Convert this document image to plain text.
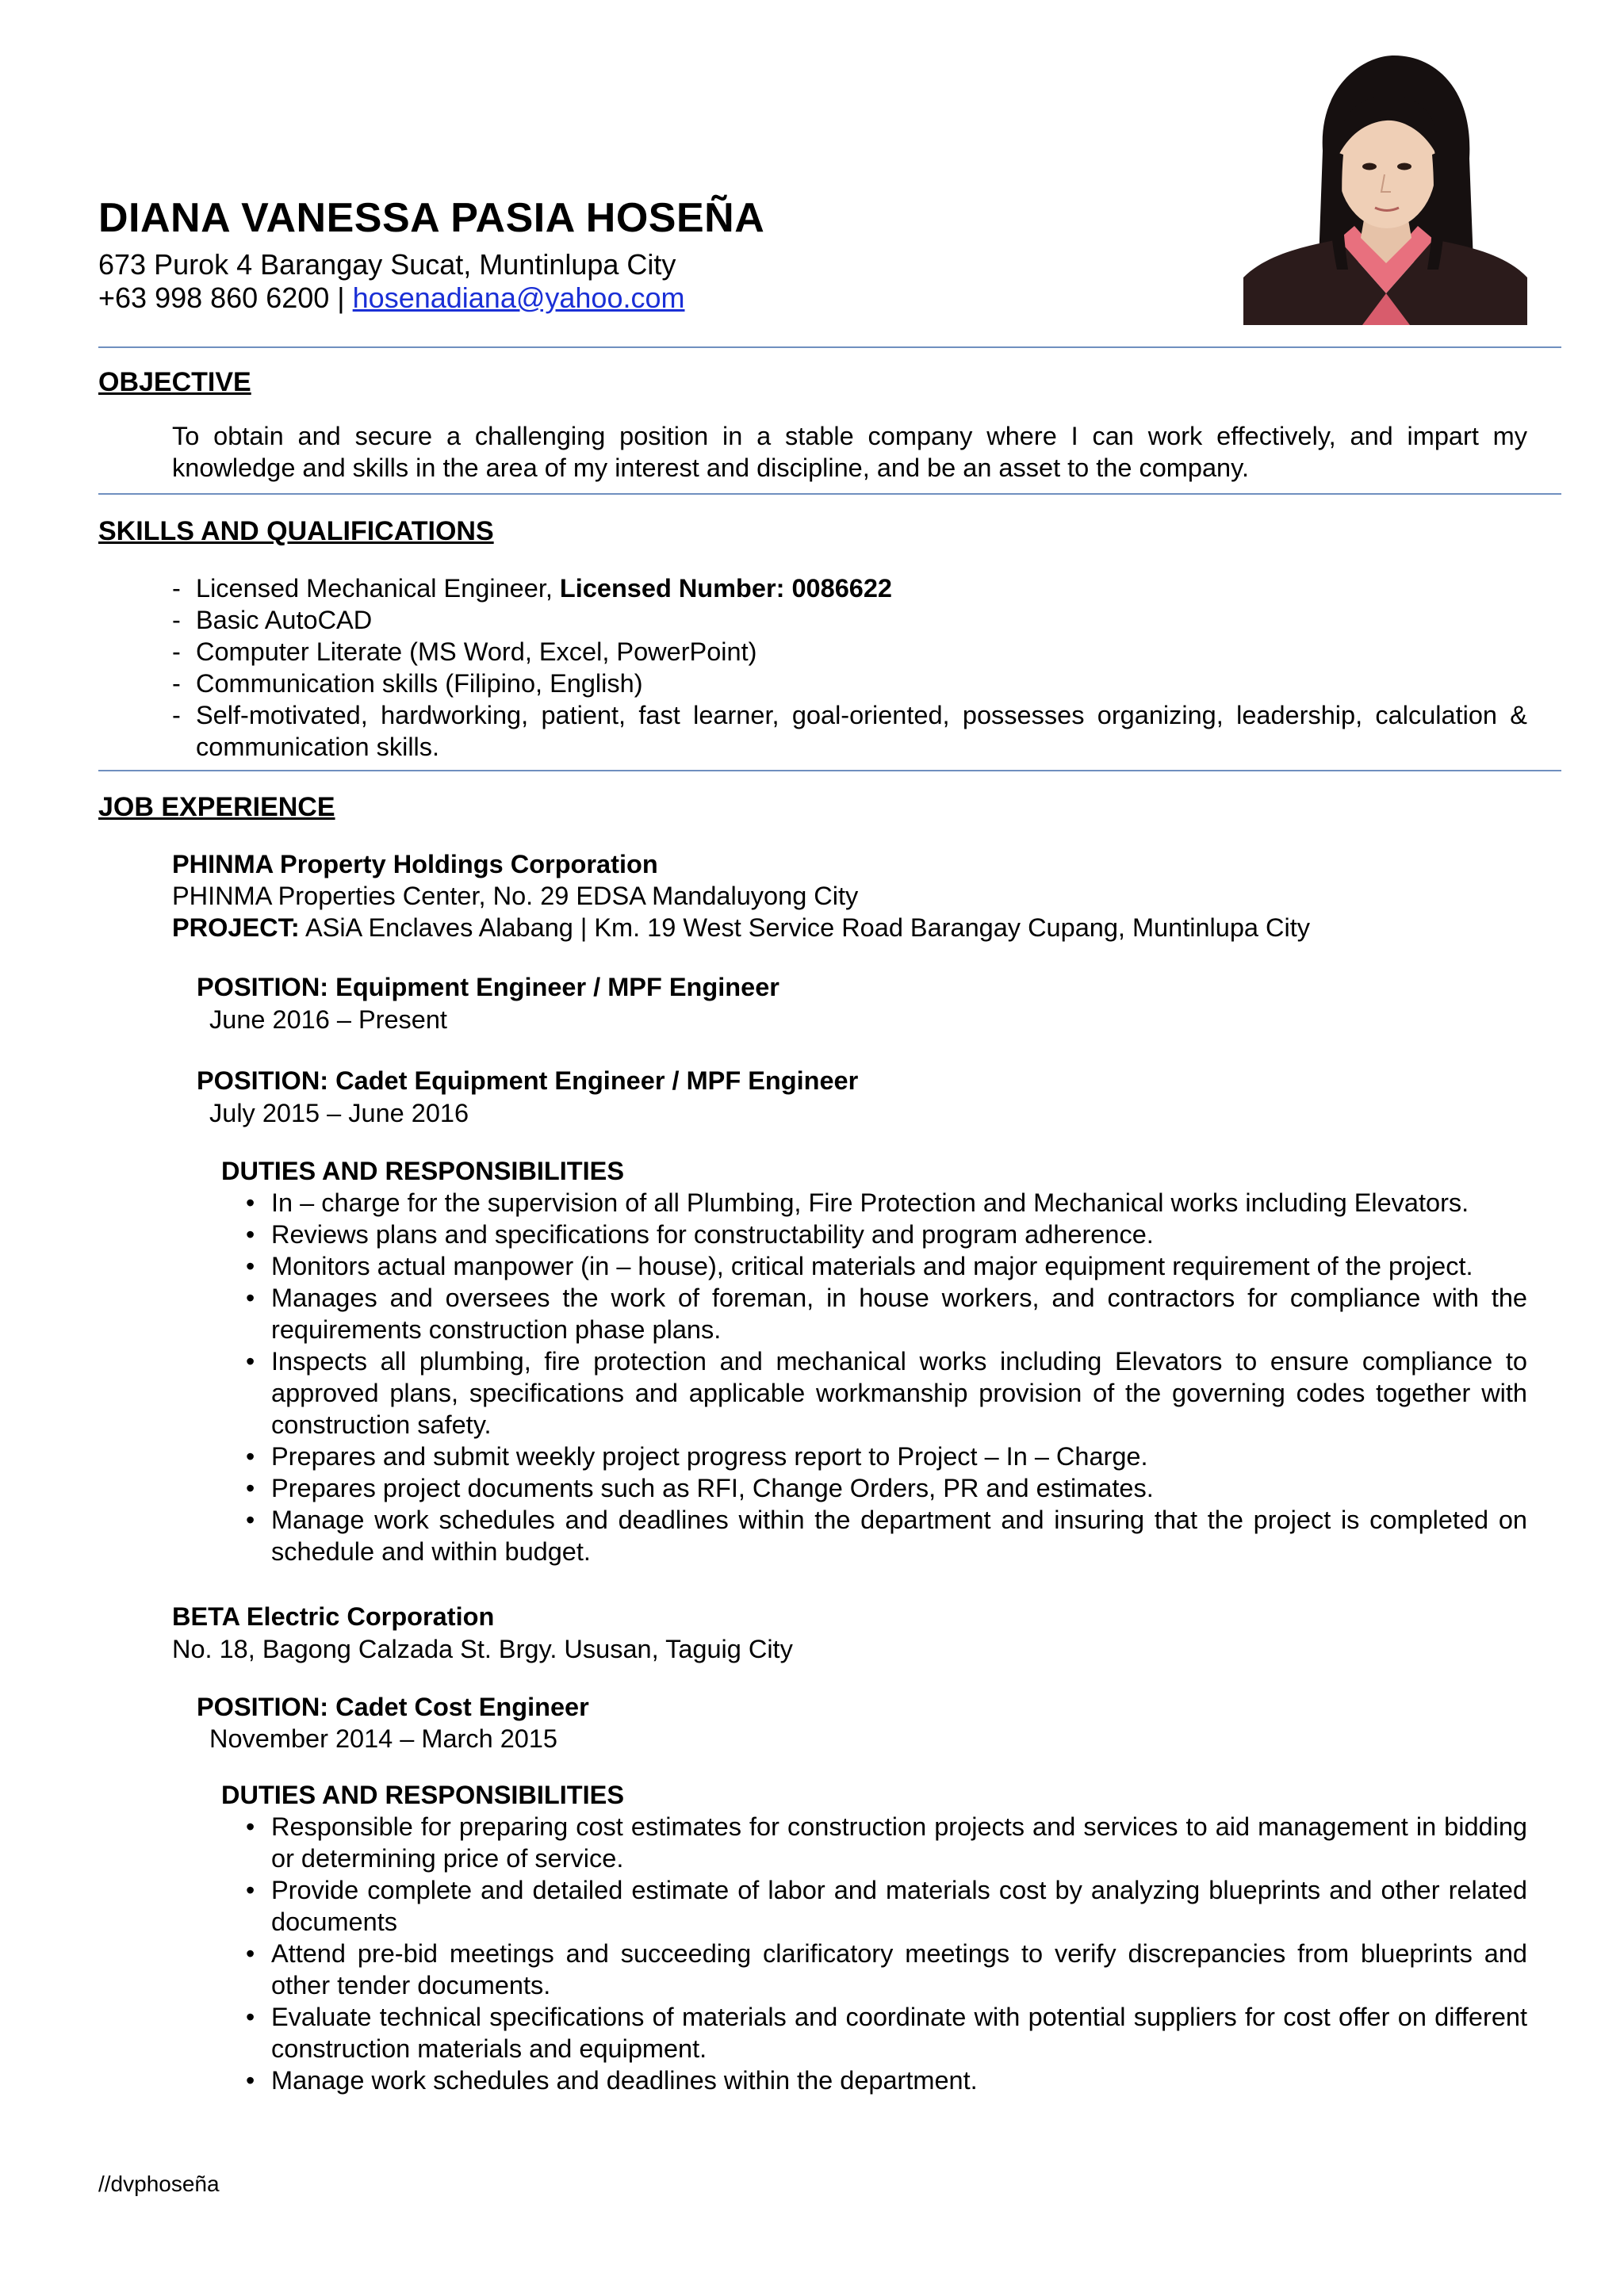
DIANA VANESSA PASIA HOSEÑA
673 Purok 4 Barangay Sucat, Muntinlupa City
+63 998 860 6200 | hosenadiana@yahoo.com
OBJECTIVE
To obtain and secure a challenging position in a stable company where I can work effectively, and impart my knowledge and skills in the area of my interest and discipline, and be an asset to the company.
SKILLS AND QUALIFICATIONS
- Licensed Mechanical Engineer, Licensed Number: 0086622
- Basic AutoCAD
- Computer Literate (MS Word, Excel, PowerPoint)
- Communication skills (Filipino, English)
- Self-motivated, hardworking, patient, fast learner, goal-oriented, possesses organizing, leadership, calculation & communication skills.
JOB EXPERIENCE
PHINMA Property Holdings Corporation
PHINMA Properties Center, No. 29 EDSA Mandaluyong City
PROJECT: ASiA Enclaves Alabang | Km. 19 West Service Road Barangay Cupang, Muntinlupa City
POSITION: Equipment Engineer / MPF Engineer
June 2016 – Present
POSITION: Cadet Equipment Engineer / MPF Engineer
July 2015 – June 2016
DUTIES AND RESPONSIBILITIES
• In – charge for the supervision of all Plumbing, Fire Protection and Mechanical works including Elevators.
• Reviews plans and specifications for constructability and program adherence.
• Monitors actual manpower (in – house), critical materials and major equipment requirement of the project.
• Manages and oversees the work of foreman, in house workers, and contractors for compliance with the requirements construction phase plans.
• Inspects all plumbing, fire protection and mechanical works including Elevators to ensure compliance to approved plans, specifications and applicable workmanship provision of the governing codes together with construction safety.
• Prepares and submit weekly project progress report to Project – In – Charge.
• Prepares project documents such as RFI, Change Orders, PR and estimates.
• Manage work schedules and deadlines within the department and insuring that the project is completed on schedule and within budget.
BETA Electric Corporation
No. 18, Bagong Calzada St. Brgy. Ususan, Taguig City
POSITION: Cadet Cost Engineer
November 2014 – March 2015
DUTIES AND RESPONSIBILITIES
• Responsible for preparing cost estimates for construction projects and services to aid management in bidding or determining price of service.
• Provide complete and detailed estimate of labor and materials cost by analyzing blueprints and other related documents
• Attend pre-bid meetings and succeeding clarificatory meetings to verify discrepancies from blueprints and other tender documents.
• Evaluate technical specifications of materials and coordinate with potential suppliers for cost offer on different construction materials and equipment.
• Manage work schedules and deadlines within the department.
//dvphoseña
